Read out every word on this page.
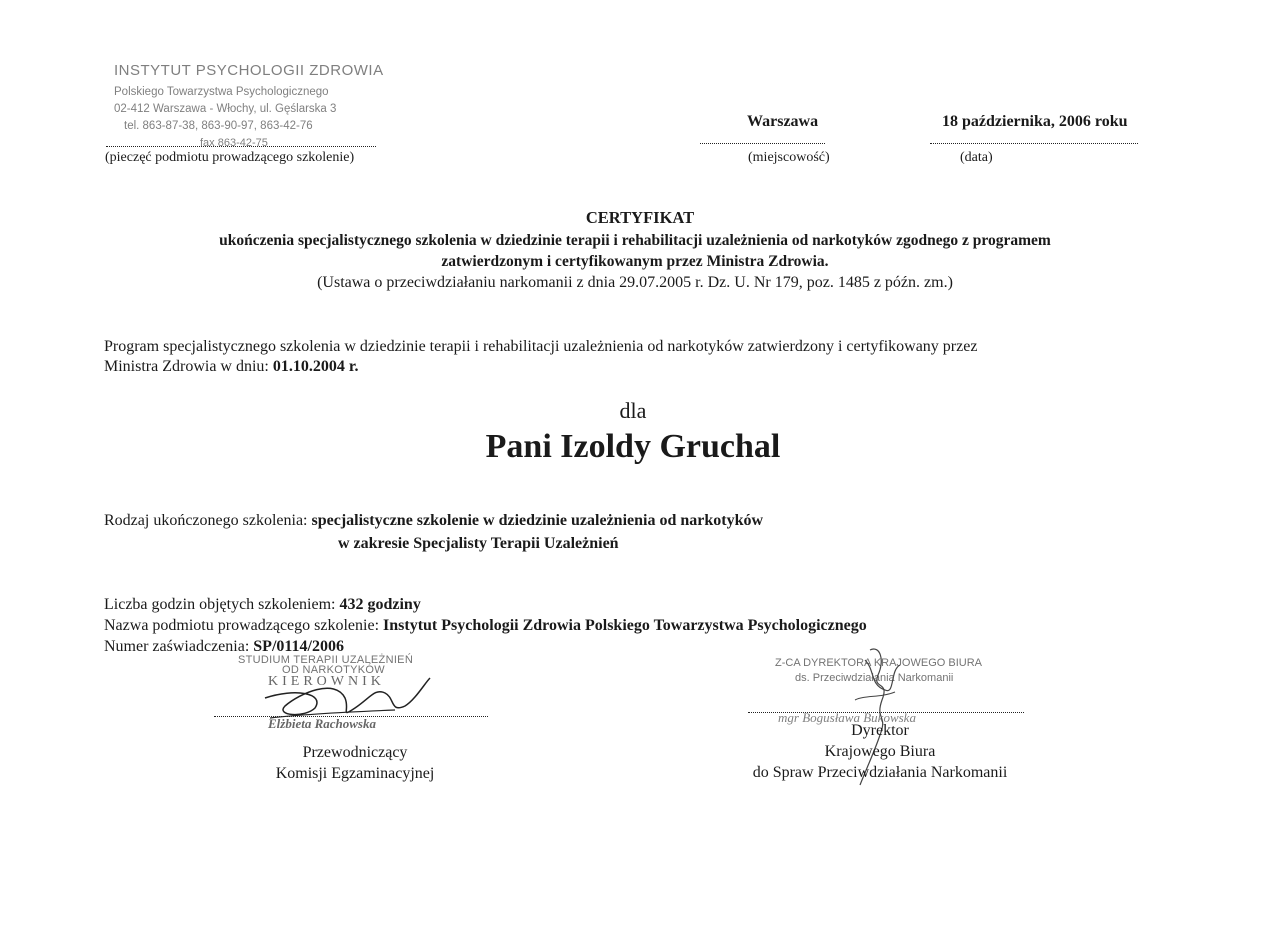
INSTYTUT PSYCHOLOGII ZDROWIA
Polskiego Towarzystwa Psychologicznego
02-412 Warszawa - Włochy, ul. Gęślarska 3
tel. 863-87-38, 863-90-97, 863-42-76
fax 863-42-75
(pieczęć podmiotu prowadzącego szkolenie)
Warszawa
(miejscowość)
18 października, 2006 roku
(data)
CERTYFIKAT
ukończenia specjalistycznego szkolenia w dziedzinie terapii i rehabilitacji uzależnienia od narkotyków zgodnego z programem
zatwierdzonym i certyfikowanym przez Ministra Zdrowia.
(Ustawa o przeciwdziałaniu narkomanii z dnia 29.07.2005 r. Dz. U. Nr 179, poz. 1485 z późn. zm.)
Program specjalistycznego szkolenia w dziedzinie terapii i rehabilitacji uzależnienia od narkotyków zatwierdzony i certyfikowany przez
Ministra Zdrowia w dniu: 01.10.2004 r.
dla
Pani Izoldy Gruchal
Rodzaj ukończonego szkolenia: specjalistyczne szkolenie w dziedzinie uzależnienia od narkotyków
w zakresie Specjalisty Terapii Uzależnień
Liczba godzin objętych szkoleniem: 432 godziny
Nazwa podmiotu prowadzącego szkolenie: Instytut Psychologii Zdrowia Polskiego Towarzystwa Psychologicznego
Numer zaświadczenia: SP/0114/2006
STUDIUM TERAPII UZALEŻNIEŃ
OD NARKOTYKÓW
KIEROWNIK
Elżbieta Rachowska
Przewodniczący
Komisji Egzaminacyjnej
Z-CA DYREKTORA KRAJOWEGO BIURA
ds. Przeciwdziałania Narkomanii
mgr Bogusława Bukowska
Dyrektor
Krajowego Biura
do Spraw Przeciwdziałania Narkomanii
